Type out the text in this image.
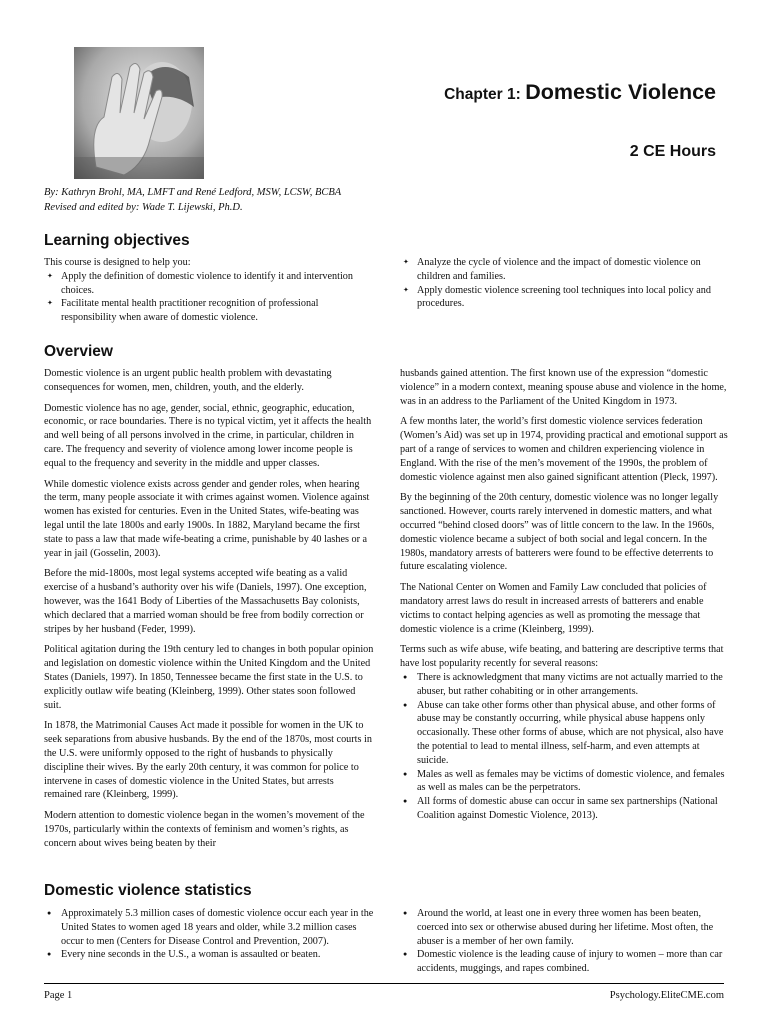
Chapter 1: Domestic Violence
2 CE Hours
By: Kathryn Brohl, MA, LMFT and René Ledford, MSW, LCSW, BCBA
Revised and edited by: Wade T. Lijewski, Ph.D.
Learning objectives
This course is designed to help you:
✦ Apply the definition of domestic violence to identify it and intervention choices.
✦ Facilitate mental health practitioner recognition of professional responsibility when aware of domestic violence.
✦ Analyze the cycle of violence and the impact of domestic violence on children and families.
✦ Apply domestic violence screening tool techniques into local policy and procedures.
Overview

Domestic violence is an urgent public health problem with devastating consequences for women, men, children, youth, and the elderly.

Domestic violence has no age, gender, social, ethnic, geographic, education, economic, or race boundaries. There is no typical victim, yet it affects the health and well being of all persons involved in the crime, in particular, children in care. The frequency and severity of violence among lower income people is equal to the frequency and severity in the middle and upper classes.

While domestic violence exists across gender and gender roles, when hearing the term, many people associate it with crimes against women. Violence against women has existed for centuries. Even in the United States, wife-beating was legal until the late 1800s and early 1900s. In 1882, Maryland became the first state to pass a law that made wife-beating a crime, punishable by 40 lashes or a year in jail (Gosselin, 2003).

Before the mid-1800s, most legal systems accepted wife beating as a valid exercise of a husband’s authority over his wife (Daniels, 1997). One exception, however, was the 1641 Body of Liberties of the Massachusetts Bay colonists, which declared that a married woman should be free from bodily correction or stripes by her husband (Feder, 1999).

Political agitation during the 19th century led to changes in both popular opinion and legislation on domestic violence within the United Kingdom and the United States (Daniels, 1997). In 1850, Tennessee became the first state in the U.S. to explicitly outlaw wife beating (Kleinberg, 1999). Other states soon followed suit.

In 1878, the Matrimonial Causes Act made it possible for women in the UK to seek separations from abusive husbands. By the end of the 1870s, most courts in the U.S. were uniformly opposed to the right of husbands to physically discipline their wives. By the early 20th century, it was common for police to intervene in cases of domestic violence in the United States, but arrests remained rare (Kleinberg, 1999).

Modern attention to domestic violence began in the women’s movement of the 1970s, particularly within the contexts of feminism and women’s rights, as concern about wives being beaten by their

husbands gained attention. The first known use of the expression “domestic violence” in a modern context, meaning spouse abuse and violence in the home, was in an address to the Parliament of the United Kingdom in 1973.

A few months later, the world’s first domestic violence services federation (Women’s Aid) was set up in 1974, providing practical and emotional support as part of a range of services to women and children experiencing violence in England. With the rise of the men’s movement of the 1990s, the problem of domestic violence against men also gained significant attention (Pleck, 1997).

By the beginning of the 20th century, domestic violence was no longer legally sanctioned. However, courts rarely intervened in domestic matters, and what occurred “behind closed doors” was of little concern to the law. In the 1960s, domestic violence became a subject of both social and legal concern. In the 1980s, mandatory arrests of batterers were found to be effective deterrents to future escalating violence.

The National Center on Women and Family Law concluded that policies of mandatory arrest laws do result in increased arrests of batterers and enable victims to contact helping agencies as well as promoting the message that domestic violence is a crime (Kleinberg, 1999).

Terms such as wife abuse, wife beating, and battering are descriptive terms that have lost popularity recently for several reasons:

● There is acknowledgment that many victims are not actually married to the abuser, but rather cohabiting or in other arrangements.
● Abuse can take other forms other than physical abuse, and other forms of abuse may be constantly occurring, while physical abuse happens only occasionally. These other forms of abuse, which are not physical, also have the potential to lead to mental illness, self-harm, and even attempts at suicide.
● Males as well as females may be victims of domestic violence, and females as well as males can be the perpetrators.
● All forms of domestic abuse can occur in same sex partnerships (National Coalition against Domestic Violence, 2013).
Domestic violence statistics
● Approximately 5.3 million cases of domestic violence occur each year in the United States to women aged 18 years and older, while 3.2 million cases occur to men (Centers for Disease Control and Prevention, 2007).
● Every nine seconds in the U.S., a woman is assaulted or beaten.
● Around the world, at least one in every three women has been beaten, coerced into sex or otherwise abused during her lifetime. Most often, the abuser is a member of her own family.
● Domestic violence is the leading cause of injury to women – more than car accidents, muggings, and rapes combined.
Page 1	Psychology.EliteCME.com
